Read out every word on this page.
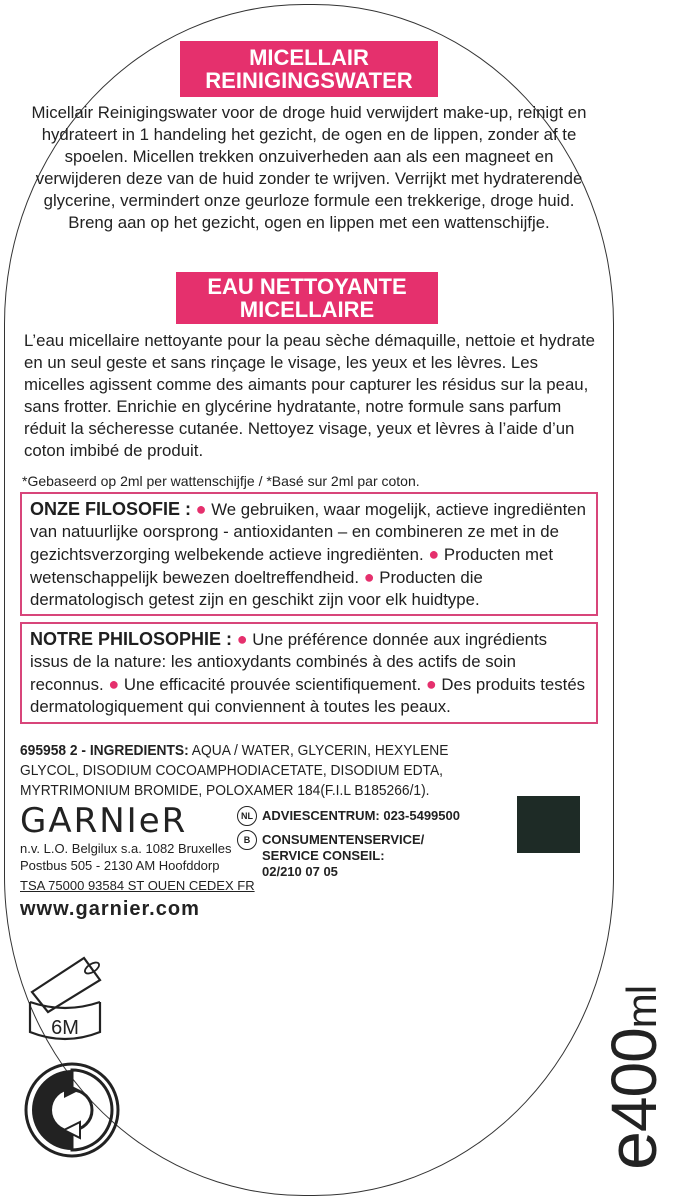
MICELLAIR
REINIGINGSWATER
Micellair Reinigingswater voor de droge huid verwijdert make-up, reinigt en hydrateert in 1 handeling het gezicht, de ogen en de lippen, zonder af te spoelen. Micellen trekken onzuiverheden aan als een magneet en verwijderen deze van de huid zonder te wrijven. Verrijkt met hydraterende glycerine, vermindert onze geurloze formule een trekkerige, droge huid. Breng aan op het gezicht, ogen en lippen met een wattenschijfje.
EAU NETTOYANTE
MICELLAIRE
L’eau micellaire nettoyante pour la peau sèche démaquille, nettoie et hydrate en un seul geste et sans rinçage le visage, les yeux et les lèvres. Les micelles agissent comme des aimants pour capturer les résidus sur la peau, sans frotter. Enrichie en glycérine hydratante, notre formule sans parfum réduit la sécheresse cutanée. Nettoyez visage, yeux et lèvres à l’aide d’un coton imbibé de produit.
*Gebaseerd op 2ml per wattenschijfje / *Basé sur 2ml par coton.
ONZE FILOSOFIE : ● We gebruiken, waar mogelijk, actieve ingrediënten van natuurlijke oorsprong - antioxidanten – en combineren ze met in de gezichtsverzorging welbekende actieve ingrediënten. ● Producten met wetenschappelijk bewezen doeltreffendheid. ● Producten die dermatologisch getest zijn en geschikt zijn voor elk huidtype.
NOTRE PHILOSOPHIE : ● Une préférence donnée aux ingrédients issus de la nature: les antioxydants combinés à des actifs de soin reconnus. ● Une efficacité prouvée scientifiquement. ● Des produits testés dermatologiquement qui conviennent à toutes les peaux.
695958 2 - INGREDIENTS: AQUA / WATER, GLYCERIN, HEXYLENE GLYCOL, DISODIUM COCOAMPHODIACETATE, DISODIUM EDTA, MYRTRIMONIUM BROMIDE, POLOXAMER 184(F.I.L B185266/1).
GARNIeR
n.v. L.O. Belgilux s.a. 1082 Bruxelles
Postbus 505 - 2130 AM Hoofddorp
TSA 75000 93584 ST OUEN CEDEX FR
www.garnier.com
NL ADVIESCENTRUM: 023-5499500
B CONSUMENTENSERVICE/
SERVICE CONSEIL:
02/210 07 05
6M
e400ml
